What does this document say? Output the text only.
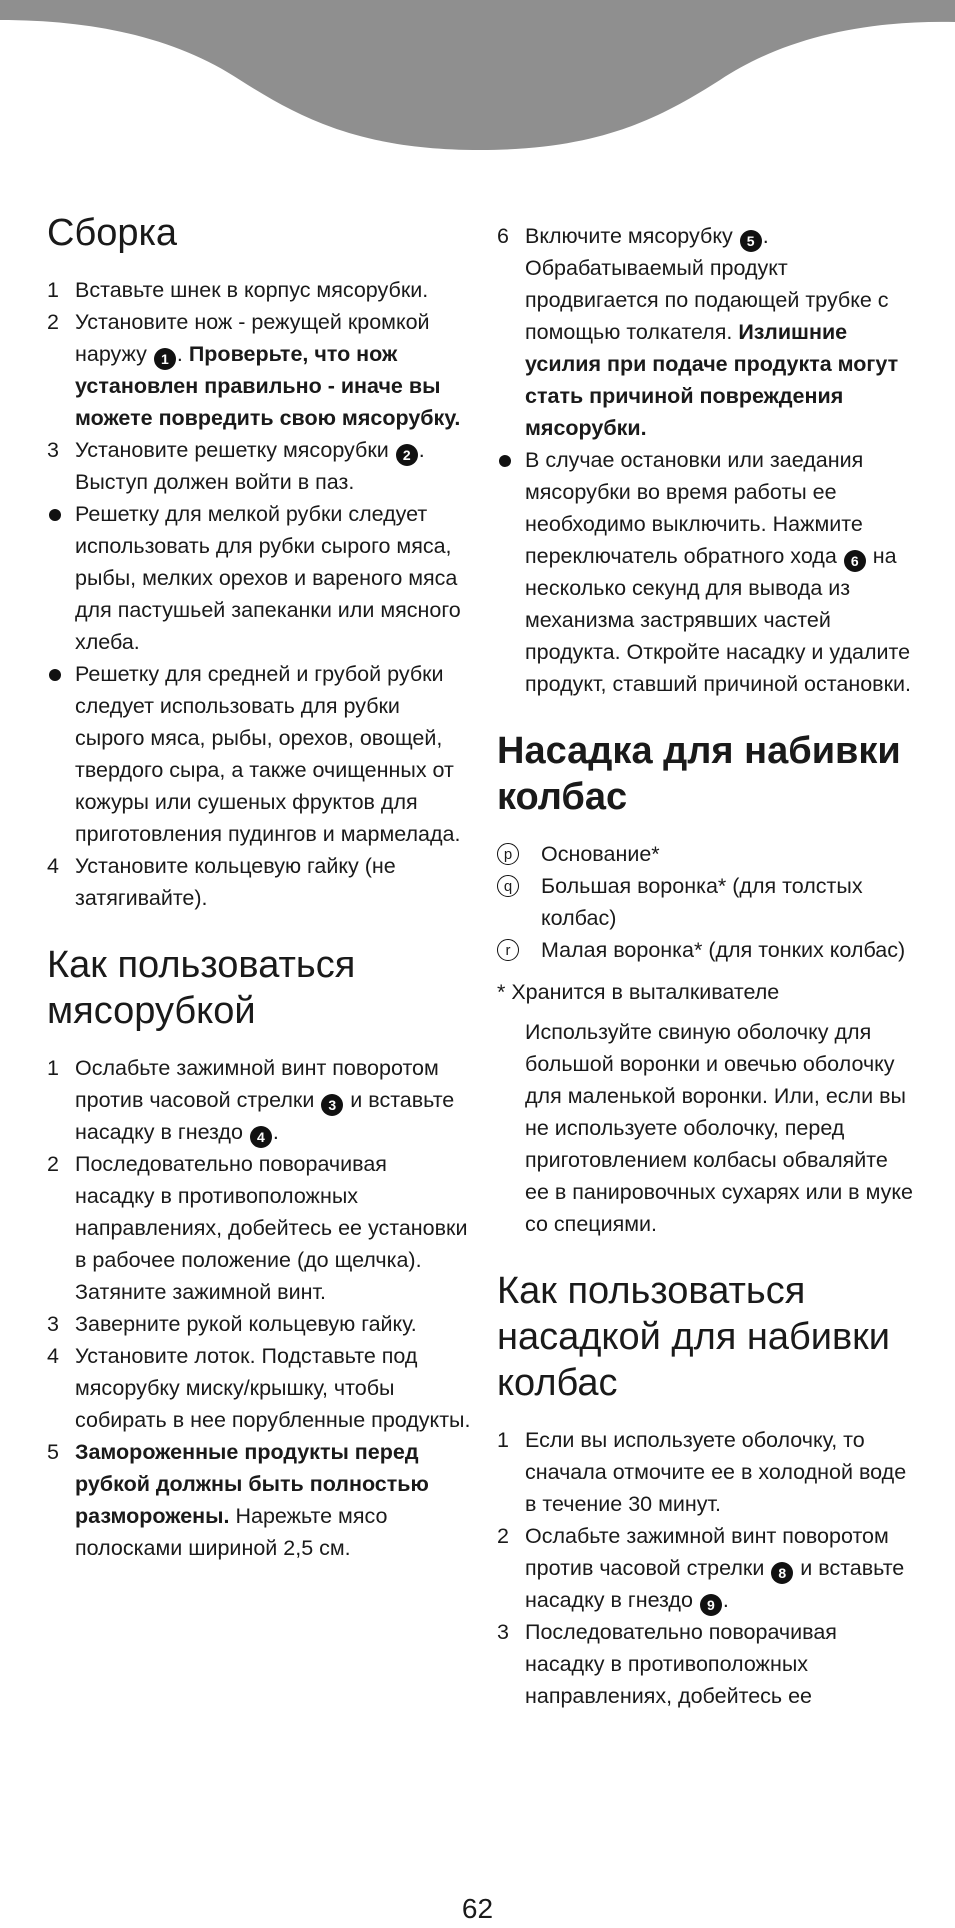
Сборка
1 Вставьте шнек в корпус мясорубки.
2 Установите нож - режущей кромкой наружу 1 . Проверьте, что нож установлен правильно - иначе вы можете повредить свою мясорубку.
3 Установите решетку мясорубки 2 . Выступ должен войти в паз.
Решетку для мелкой рубки следует использовать для рубки сырого мяса, рыбы, мелких орехов и вареного мяса для пастушьей запеканки или мясного хлеба.
Решетку для средней и грубой рубки следует использовать для рубки сырого мяса, рыбы, орехов, овощей, твердого сыра, а также очищенных от кожуры или сушеных фруктов для приготовления пудингов и мармелада.
4 Установите кольцевую гайку (не затягивайте).
Как пользоваться мясорубкой
1 Ослабьте зажимной винт поворотом против часовой стрелки 3 и вставьте насадку в гнездо 4 .
2 Последовательно поворачивая насадку в противоположных направлениях, добейтесь ее установки в рабочее положение (до щелчка). Затяните зажимной винт.
3 Заверните рукой кольцевую гайку.
4 Установите лоток. Подставьте под мясорубку миску/крышку, чтобы собирать в нее порубленные продукты.
5 Замороженные продукты перед рубкой должны быть полностью разморожены. Нарежьте мясо полосками шириной 2,5 см.
6 Включите мясорубку 5 . Обрабатываемый продукт продвигается по подающей трубке с помощью толкателя. Излишние усилия при подаче продукта могут стать причиной повреждения мясорубки.
В случае остановки или заедания мясорубки во время работы ее необходимо выключить. Нажмите переключатель обратного хода 6 на несколько секунд для вывода из механизма застрявших частей продукта. Откройте насадку и удалите продукт, ставший причиной остановки.
Насадка для набивки колбас
p	Основание*
q	Большая воронка* (для толстых колбас)
r	Малая воронка* (для тонких колбас)

* Хранится в выталкивателе

Используйте свиную оболочку для большой воронки и овечью оболочку для маленькой воронки. Или, если вы не используете оболочку, перед приготовлением колбасы обваляйте ее в панировочных сухарях или в муке со специями.

Как пользоваться насадкой для набивки колбас
1 Если вы используете оболочку, то сначала отмочите ее в холодной воде в течение 30 минут.
2 Ослабьте зажимной винт поворотом против часовой стрелки 8 и вставьте насадку в гнездо 9 .
3 Последовательно поворачивая насадку в противоположных направлениях, добейтесь ее
62
